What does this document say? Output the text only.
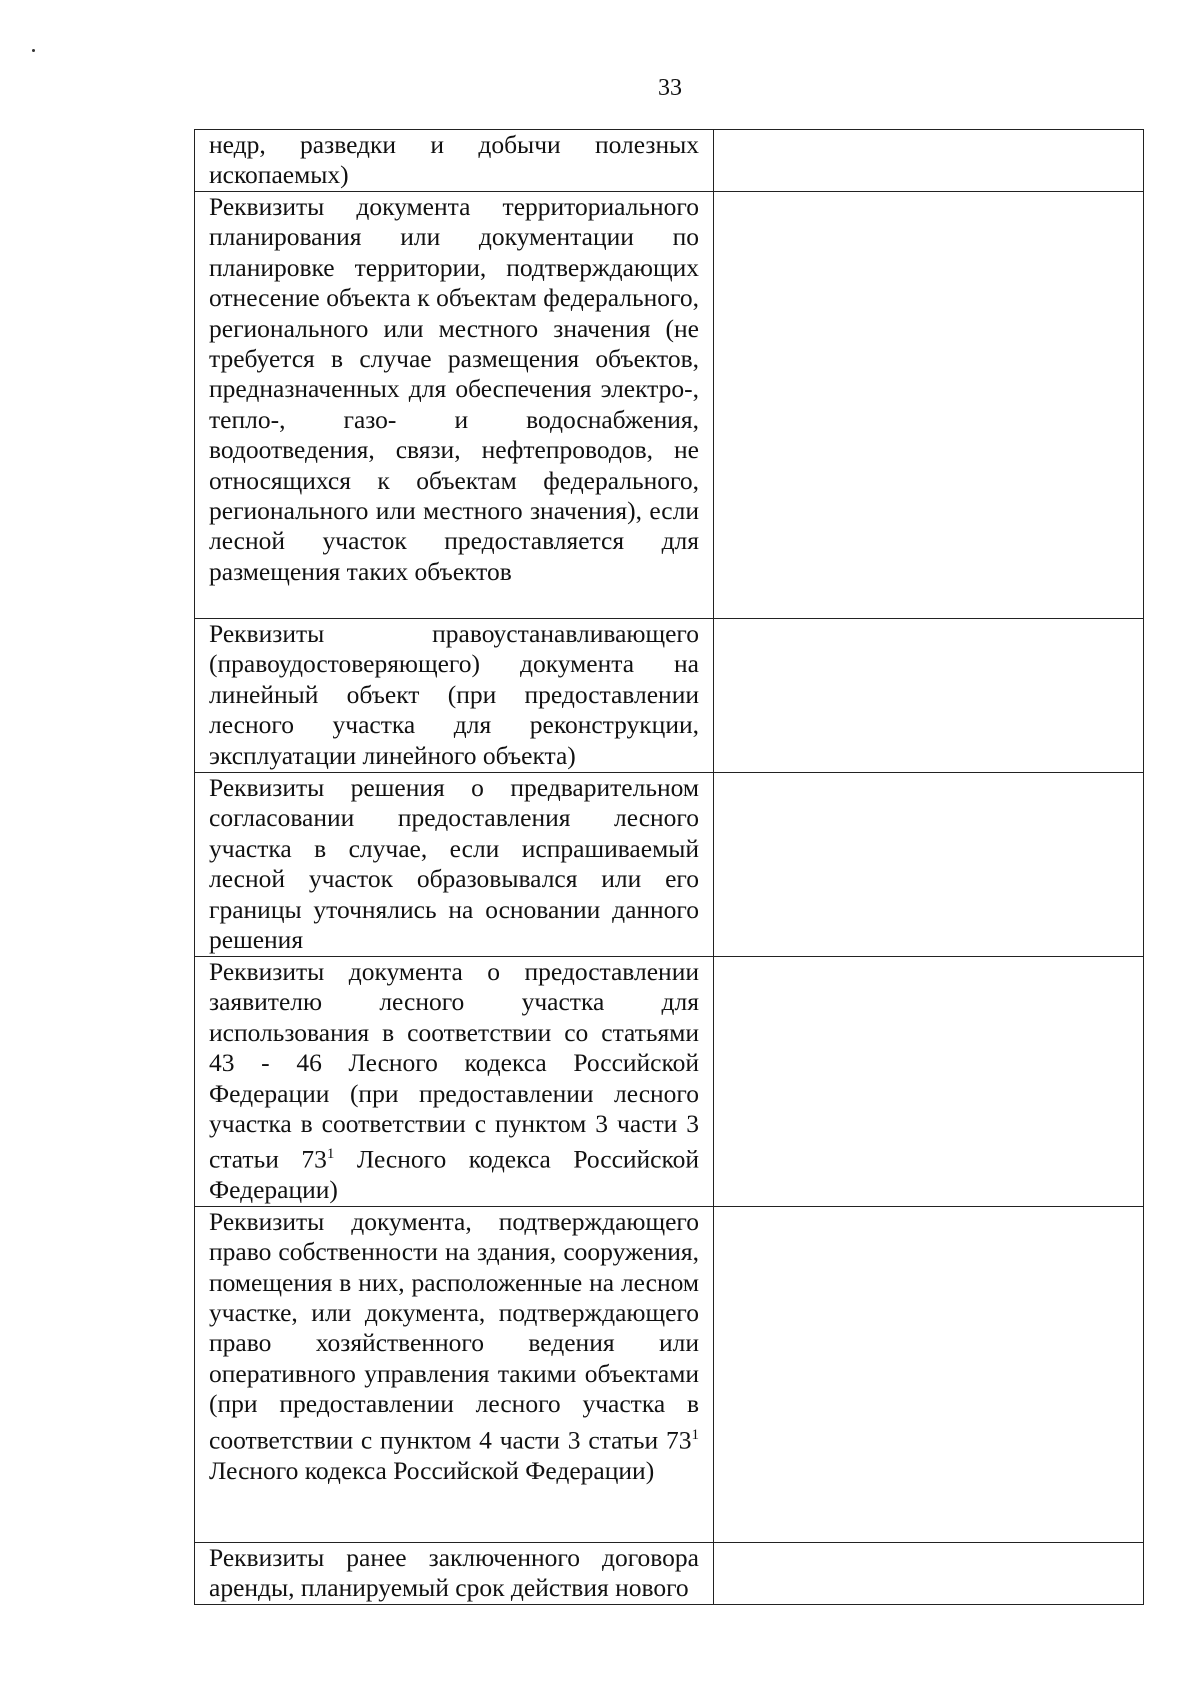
33
недр, разведки и добычи полезных ископаемых)	

Реквизиты документа территориального планирования или документации по планировке территории, подтверждающих отнесение объекта к объектам федерального, регионального или местного значения (не требуется в случае размещения объектов, предназначенных для обеспечения электро-, тепло-, газо- и водоснабжения, водоотведения, связи, нефтепроводов, не относящихся к объектам федерального, регионального или местного значения), если лесной участок предоставляется для размещения таких объектов	

Реквизиты правоустанавливающего (правоудостоверяющего) документа на линейный объект (при предоставлении лесного участка для реконструкции, эксплуатации линейного объекта)	

Реквизиты решения о предварительном согласовании предоставления лесного участка в случае, если испрашиваемый лесной участок образовывался или его границы уточнялись на основании данного решения	

Реквизиты документа о предоставлении заявителю лесного участка для использования в соответствии со статьями 43 - 46 Лесного кодекса Российской Федерации (при предоставлении лесного участка в соответствии с пунктом 3 части 3 статьи $73^1$ Лесного кодекса Российской Федерации)	

Реквизиты документа, подтверждающего право собственности на здания, сооружения, помещения в них, расположенные на лесном участке, или документа, подтверждающего право хозяйственного ведения или оперативного управления такими объектами (при предоставлении лесного участка в соответствии с пунктом 4 части 3 статьи $73^1$ Лесного кодекса Российской Федерации)	

Реквизиты ранее заключенного договора аренды, планируемый срок действия нового	
